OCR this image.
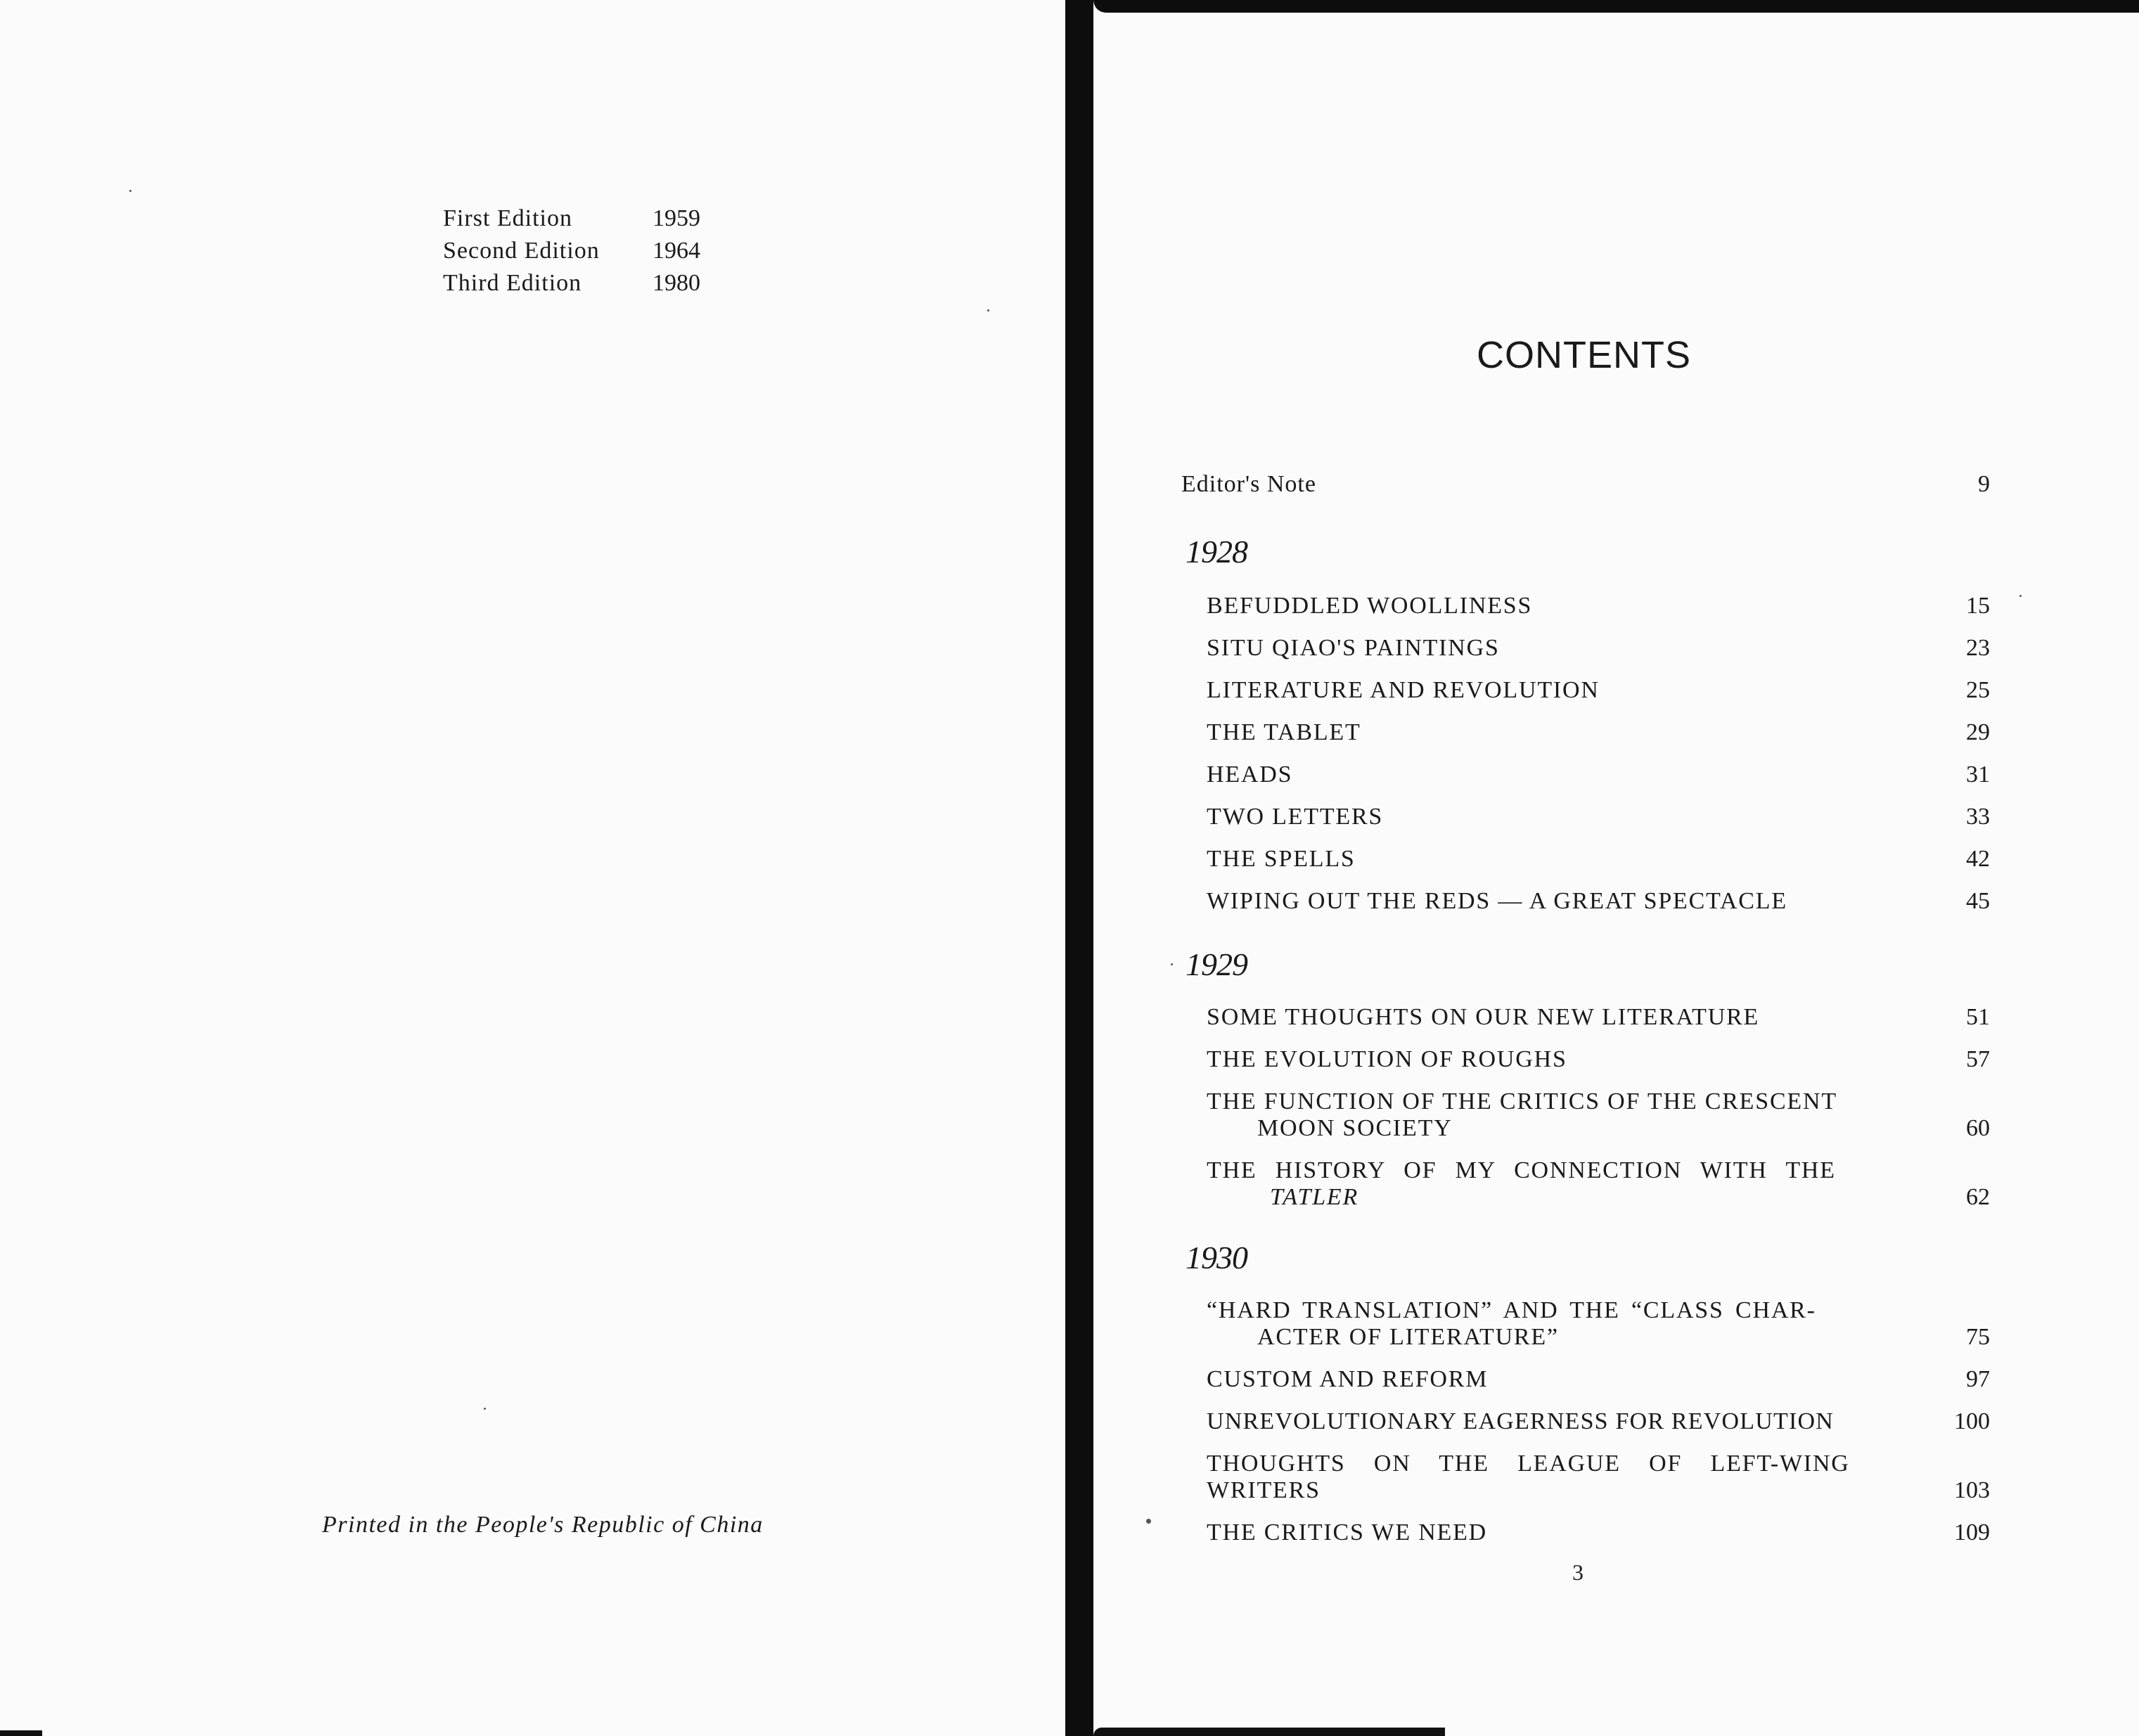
First Edition	1959
Second Edition	1964
Third Edition	1980
Printed in the People's Republic of China
CONTENTS
Editor's Note	9
1928
BEFUDDLED WOOLLINESS	15
SITU QIAO'S PAINTINGS	23
LITERATURE AND REVOLUTION	25
THE TABLET	29
HEADS	31
TWO LETTERS	33
THE SPELLS	42
WIPING OUT THE REDS — A GREAT SPECTACLE	45
1929
SOME THOUGHTS ON OUR NEW LITERATURE	51
THE EVOLUTION OF ROUGHS	57
THE FUNCTION OF THE CRITICS OF THE CRESCENT
MOON SOCIETY	60
THE HISTORY OF MY CONNECTION WITH THE
TATLER	62
1930
“HARD TRANSLATION” AND THE “CLASS CHAR-
ACTER OF LITERATURE”	75
CUSTOM AND REFORM	97
UNREVOLUTIONARY EAGERNESS FOR REVOLUTION	100
THOUGHTS ON THE LEAGUE OF LEFT-WING
WRITERS	103
THE CRITICS WE NEED	109
3
